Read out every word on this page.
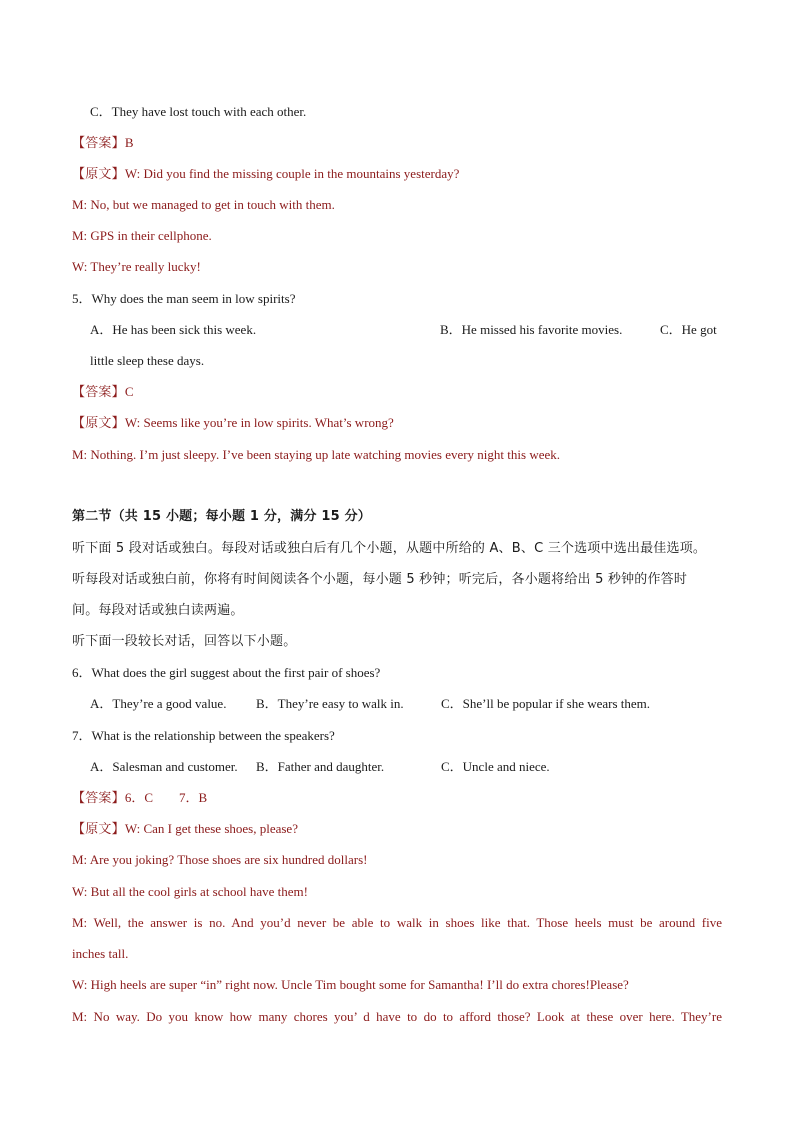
C．They have lost touch with each other.
【答案】B
【原文】W: Did you find the missing couple in the mountains yesterday?
M: No, but we managed to get in touch with them.
M: GPS in their cellphone.
W: They’re really lucky!
5．Why does the man seem in low spirits?
A．He has been sick this week.	B．He missed his favorite movies.	C．He got
little sleep these days.
【答案】C
【原文】W: Seems like you’re in low spirits. What’s wrong?
M: Nothing. I’m just sleepy. I’ve been staying up late watching movies every night this week.
第二节（共 15 小题；每小题 1 分，满分 15 分）
听下面 5 段对话或独白。每段对话或独白后有几个小题，从题中所给的 A、B、C 三个选项中选出最佳选项。
听每段对话或独白前，你将有时间阅读各个小题，每小题 5 秒钟；听完后，各小题将给出 5 秒钟的作答时
间。每段对话或独白读两遍。
听下面一段较长对话，回答以下小题。
6．What does the girl suggest about the first pair of shoes?
A．They’re a good value. B．They’re easy to walk in.	C．She’ll be popular if she wears them.
7．What is the relationship between the speakers?
A．Salesman and customer. B．Father and daughter.	C．Uncle and niece.
【答案】6．C　　7．B
【原文】W: Can I get these shoes, please?
M: Are you joking? Those shoes are six hundred dollars!
W: But all the cool girls at school have them!
M: Well, the answer is no. And you’d never be able to walk in shoes like that. Those heels must be around five
inches tall.
W: High heels are super “in” right now. Uncle Tim bought some for Samantha! I’ll do extra chores!Please?
M: No way. Do you know how many chores you’ d have to do to afford those? Look at these over here. They’re
